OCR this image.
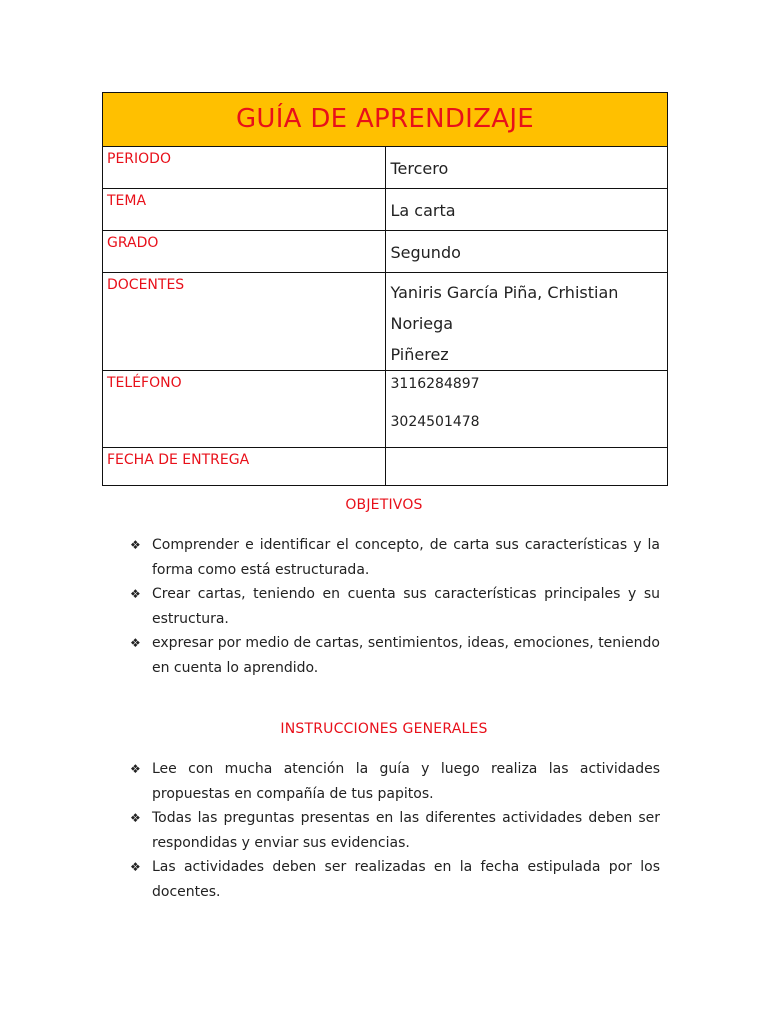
GUÍA DE APRENDIZAJE	
PERIODO	Tercero

TEMA	La carta

GRADO	Segundo

DOCENTES	Yaniris García Piña, Crhistian Noriega
Piñerez

TELÉFONO	3116284897
3024501478

FECHA DE ENTREGA	
OBJETIVOS
❖ Comprender e identificar el concepto, de carta sus características y la forma como está estructurada.
❖ Crear cartas, teniendo en cuenta sus características principales y su estructura.
❖ expresar por medio de cartas, sentimientos, ideas, emociones, teniendo en cuenta lo aprendido.
INSTRUCCIONES GENERALES
❖ Lee con mucha atención la guía y luego realiza las actividades propuestas en compañía de tus papitos.
❖ Todas las preguntas presentas en las diferentes actividades deben ser respondidas y enviar sus evidencias.
❖ Las actividades deben ser realizadas en la fecha estipulada por los docentes.
